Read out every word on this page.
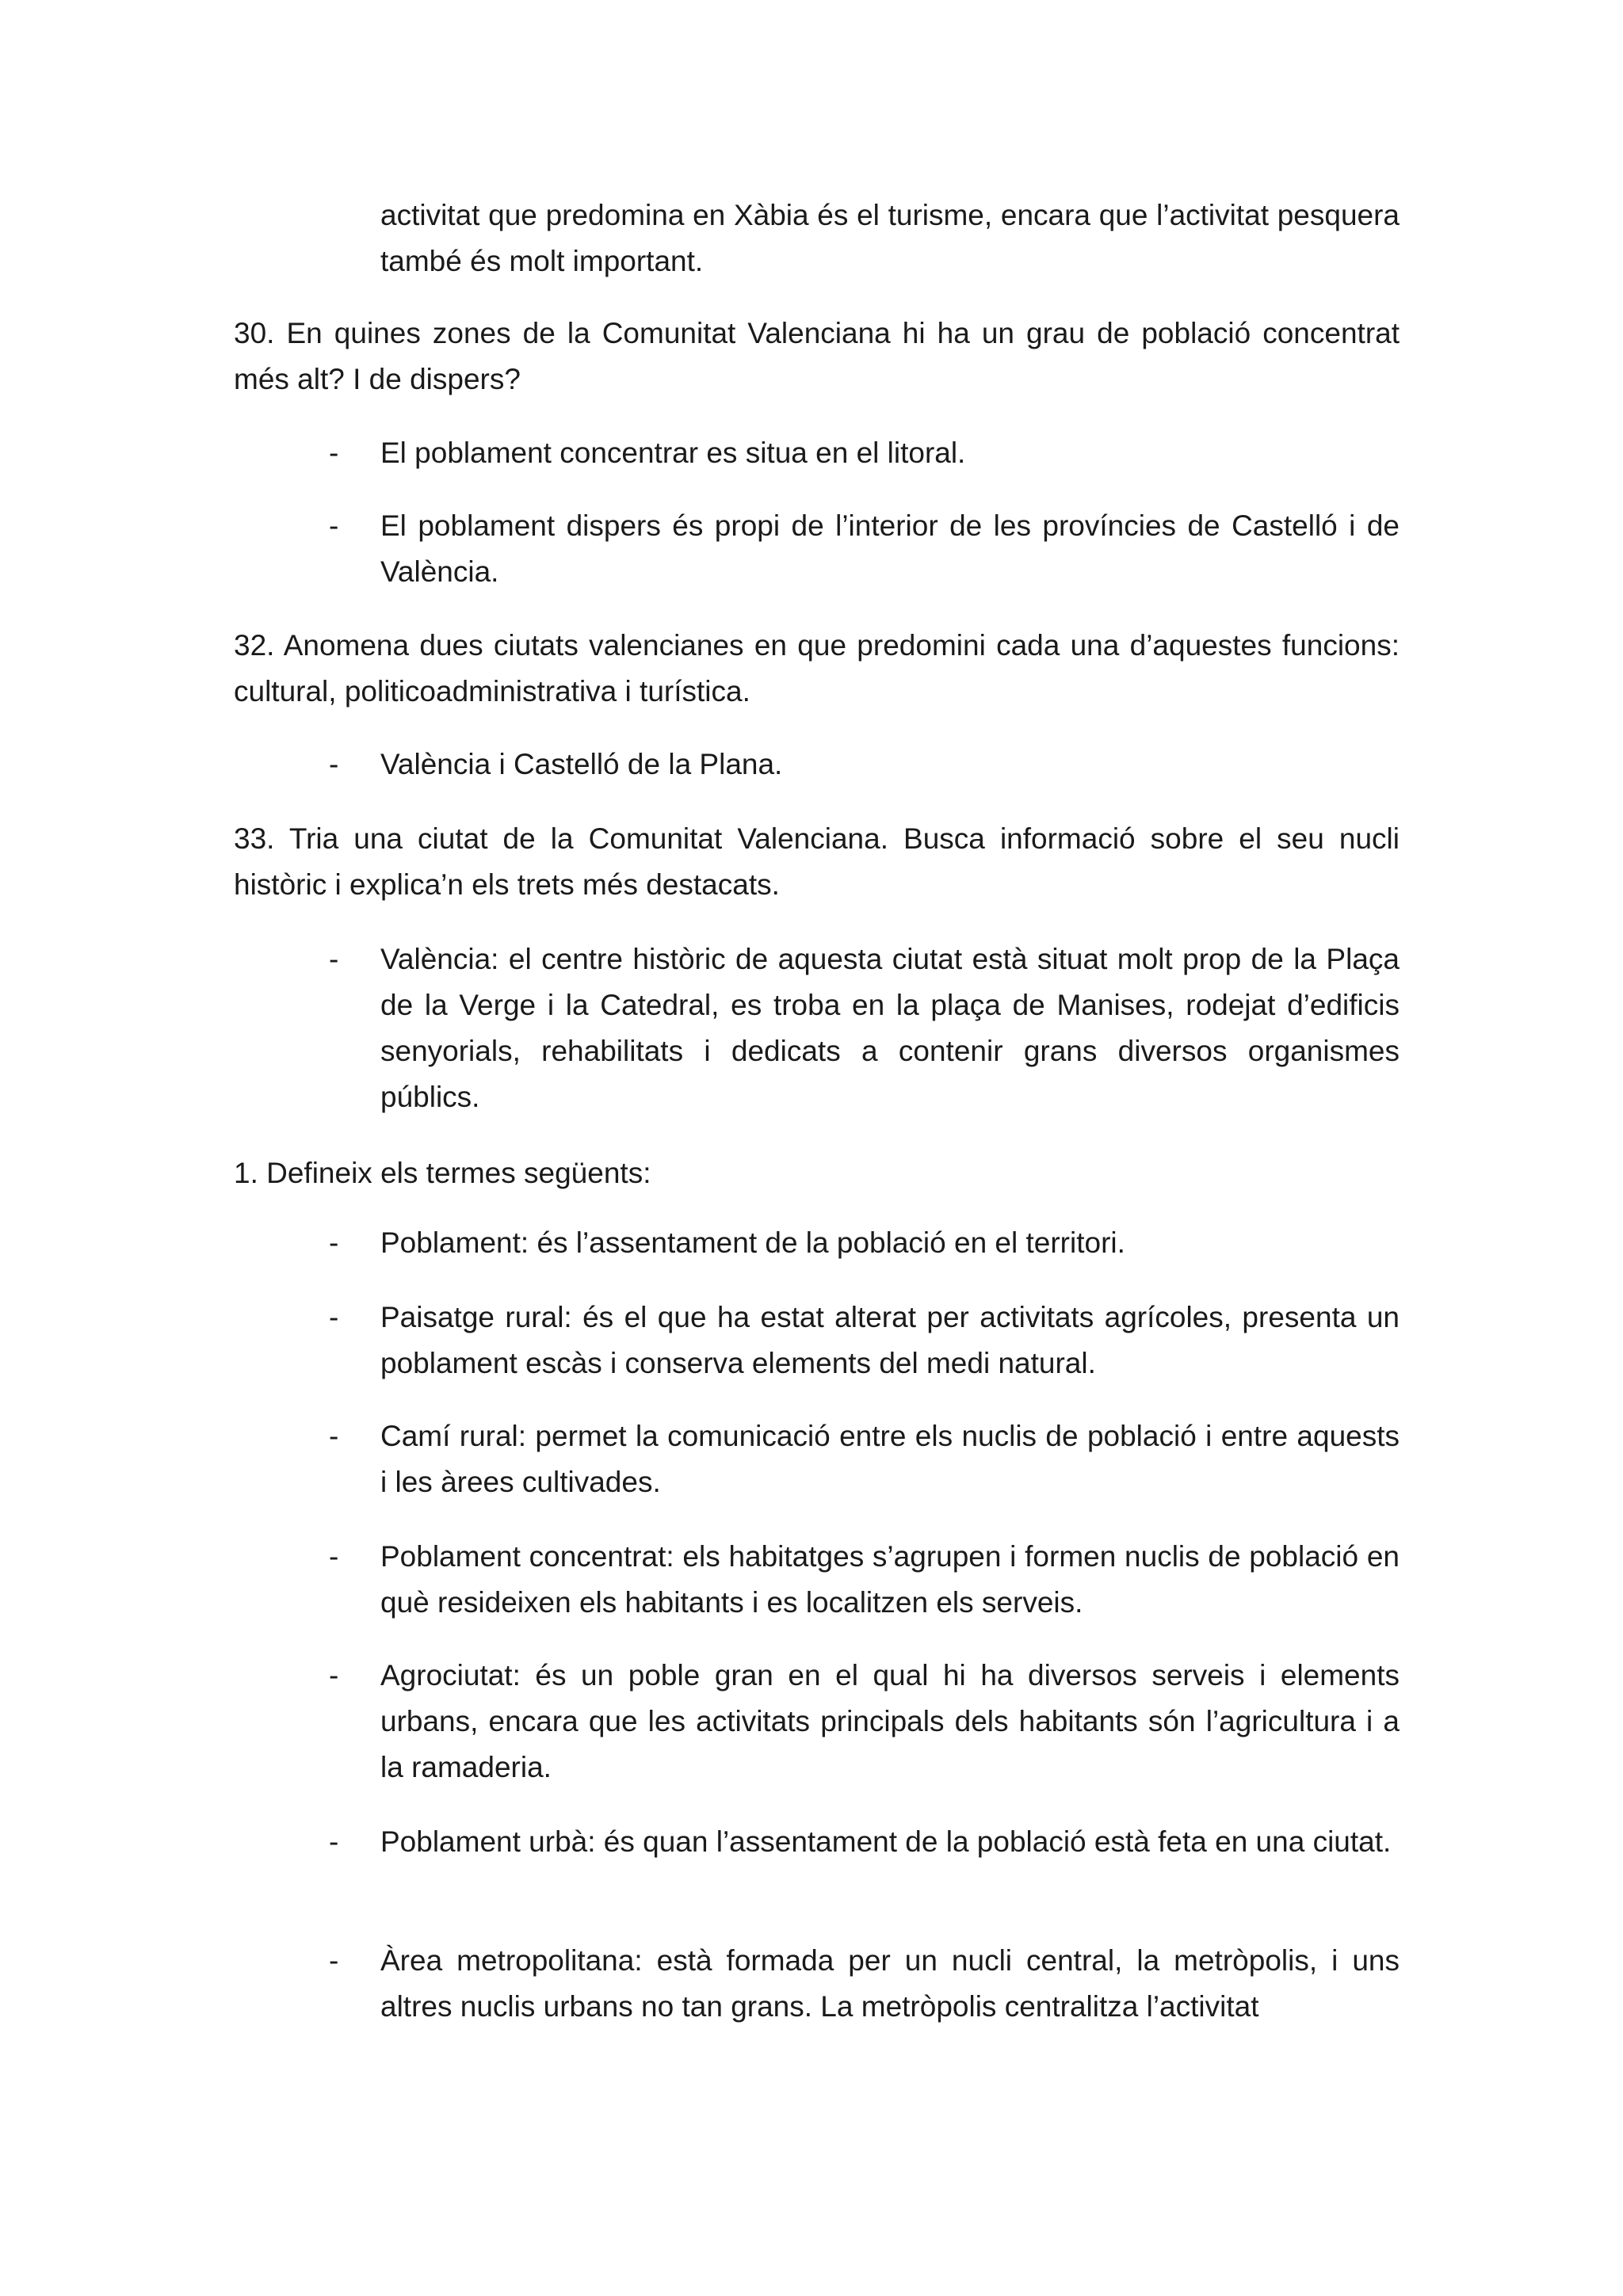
activitat que predomina en Xàbia és el turisme, encara que l’activitat pesquera també és molt important.

30. En quines zones de la Comunitat Valenciana hi ha un grau de població concentrat més alt? I de dispers?

- El poblament concentrar es situa en el litoral.
- El poblament dispers és propi de l’interior de les províncies de Castelló i de València.

32. Anomena dues ciutats valencianes en que predomini cada una d’aquestes funcions: cultural, politicoadministrativa i turística.

- València i Castelló de la Plana.

33. Tria una ciutat de la Comunitat Valenciana. Busca informació sobre el seu nucli històric i explica’n els trets més destacats.

- València: el centre històric de aquesta ciutat està situat molt prop de la Plaça de la Verge i la Catedral, es troba en la plaça de Manises, rodejat d’edificis senyorials, rehabilitats i dedicats a contenir grans diversos organismes públics.

1. Defineix els termes següents:

- Poblament: és l’assentament de la població en el territori.
- Paisatge rural: és el que ha estat alterat per activitats agrícoles, presenta un poblament escàs i conserva elements del medi natural.
- Camí rural: permet la comunicació entre els nuclis de població i entre aquests i les àrees cultivades.
- Poblament concentrat: els habitatges s’agrupen i formen nuclis de població en què resideixen els habitants i es localitzen els serveis.
- Agrociutat: és un poble gran en el qual hi ha diversos serveis i elements urbans, encara que les activitats principals dels habitants són l’agricultura i a la ramaderia.
- Poblament urbà: és quan l’assentament de la població està feta en una ciutat.
- Àrea metropolitana: està formada per un nucli central, la metròpolis, i uns altres nuclis urbans no tan grans. La metròpolis centralitza l’activitat
